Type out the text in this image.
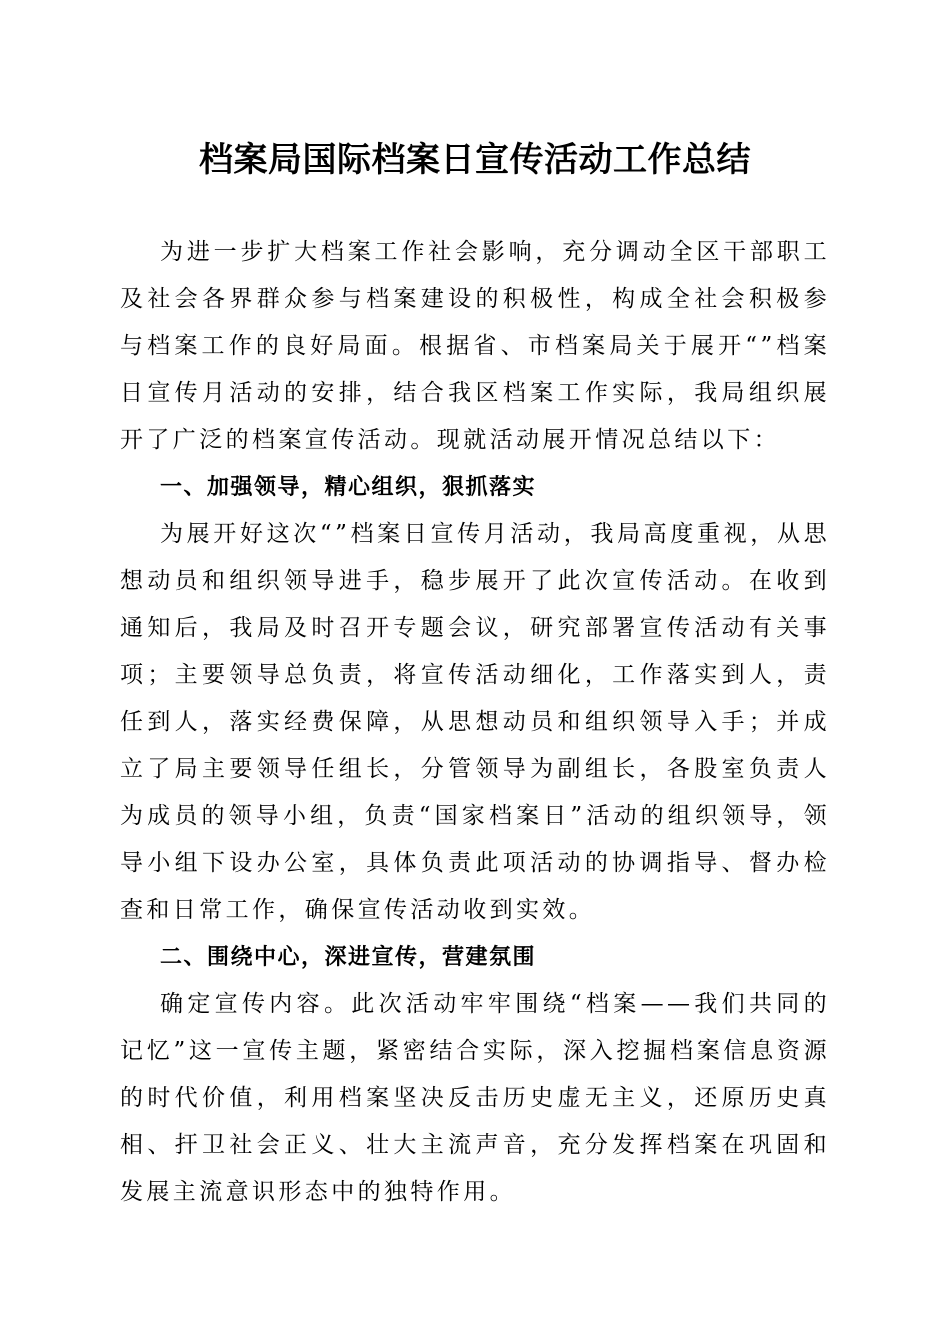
档案局国际档案日宣传活动工作总结

为进一步扩大档案工作社会影响，充分调动全区干部职工及社会各界群众参与档案建设的积极性，构成全社会积极参与档案工作的良好局面。根据省、市档案局关于展开“”档案日宣传月活动的安排，结合我区档案工作实际，我局组织展开了广泛的档案宣传活动。现就活动展开情况总结以下：

一、加强领导，精心组织，狠抓落实

为展开好这次“”档案日宣传月活动，我局高度重视，从思想动员和组织领导进手，稳步展开了此次宣传活动。在收到通知后，我局及时召开专题会议，研究部署宣传活动有关事项；主要领导总负责，将宣传活动细化，工作落实到人，责任到人，落实经费保障，从思想动员和组织领导入手；并成立了局主要领导任组长，分管领导为副组长，各股室负责人为成员的领导小组，负责“国家档案日”活动的组织领导，领导小组下设办公室，具体负责此项活动的协调指导、督办检查和日常工作，确保宣传活动收到实效。

二、围绕中心，深进宣传，营建氛围

确定宣传内容。此次活动牢牢围绕“档案——我们共同的记忆”这一宣传主题，紧密结合实际，深入挖掘档案信息资源的时代价值，利用档案坚决反击历史虚无主义，还原历史真相、扞卫社会正义、壮大主流声音，充分发挥档案在巩固和发展主流意识形态中的独特作用。
